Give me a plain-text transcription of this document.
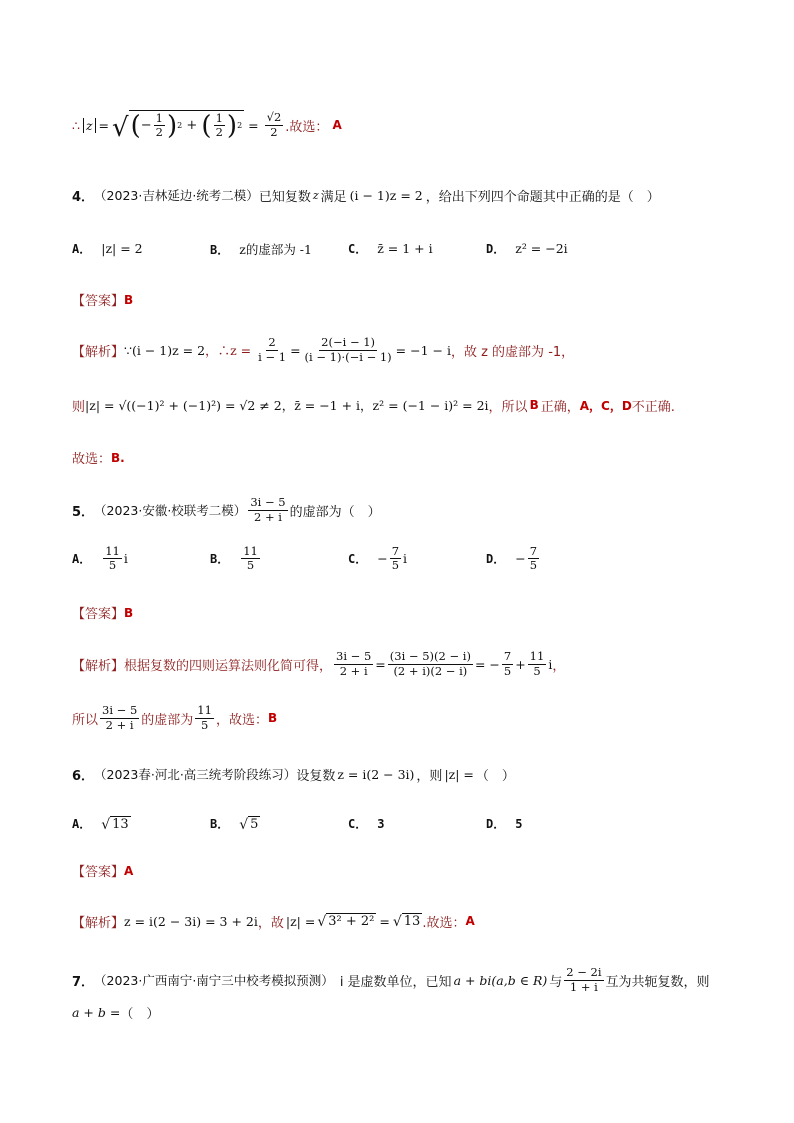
∴ z = √ ( − $\frac{1}{2}$ ) 2 + ( $\frac{1}{2}$ ) $2 = \frac{√2}{2}$ .故选： A
4． （2023·吉林延边·统考二模） 已知复数 z 满足 (i − 1)z = 2 ，给出下列四个命题其中正确的是（　）
A． |z| = 2	B． z的虚部为 -1	C． z̄ = 1 + i	D． z² = −2i
【答案】 B
【解析】 ∵(i − 1)z = 2 ，∴z = $\frac{2}{i - 1} = \frac{2(-i - 1)}{(i - 1)\cdot(-i - 1)} = -1 - i$ ，故 z 的虚部为 -1，
则 |z| = √((−1)² + (−1)²) = √2 ≠ 2 ，z̄ = −1 + i ，z² = (−1 − i)² = 2i ，所以 B 正确， A，C，D 不正确.
故选： B.
5． （2023·安徽·校联考二模） $\frac{3i - 5}{2 + i}$ 的虚部为（　）
A． $\frac{11}{5}$ i	B． $\frac{11}{5}$	C． − $\frac{7}{5}$ i	D． − $\frac{7}{5}$
【答案】 B
【解析】 根据复数的四则运算法则化简可得， $\frac{3i - 5}{2 + i} = \frac{(3i - 5)(2 - i)}{(2 + i)(2 - i)}$ = − $\frac{7}{5} + \frac{11}{5}$ i ，
所以 $\frac{3i - 5}{2 + i}$ 的虚部为 $\frac{11}{5}$ ，故选： B
6． （2023春·河北·高三统考阶段练习） 设复数 z = i(2 − 3i) ，则 |z| = （　）
A． √ 13	B． √ 5	C． 3	D． 5
【答案】 A
【解析】 z = i(2 − 3i) = 3 + 2i ，故 |z| = √ 3² + 2² = √ 13 .故选： A
7． （2023·广西南宁·南宁三中校考模拟预测） i 是虚数单位，已知 a + bi(a,b ∈ R) 与 $\frac{2 - 2i}{1 + i}$ 互为共轭复数，则
a + b = （　）
